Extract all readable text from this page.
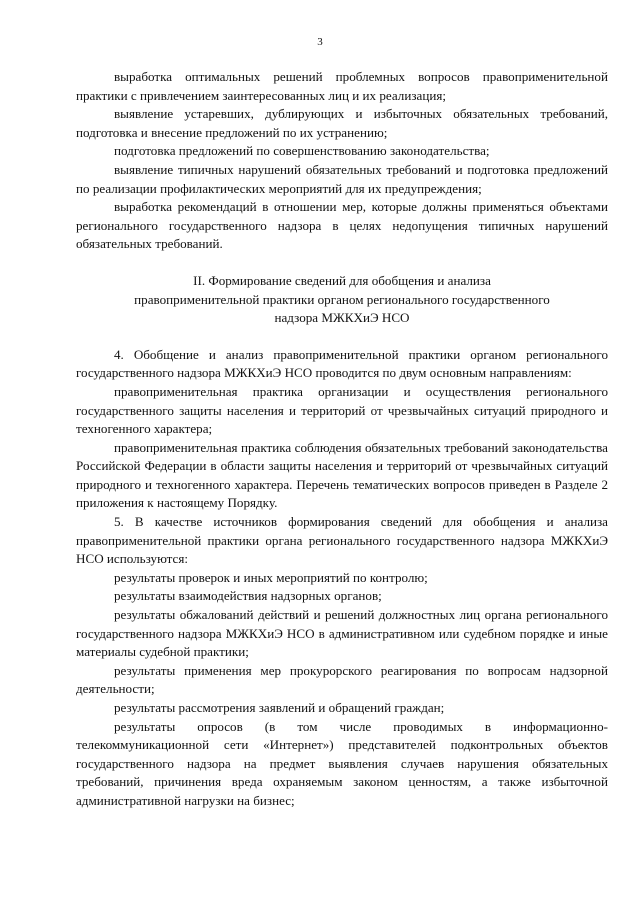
3

выработка оптимальных решений проблемных вопросов правоприменительной практики с привлечением заинтересованных лиц и их реализация;

выявление устаревших, дублирующих и избыточных обязательных требований, подготовка и внесение предложений по их устранению;

подготовка предложений по совершенствованию законодательства;

выявление типичных нарушений обязательных требований и подготовка предложений по реализации профилактических мероприятий для их предупреждения;

выработка рекомендаций в отношении мер, которые должны применяться объектами регионального государственного надзора в целях недопущения типичных нарушений обязательных требований.

II. Формирование сведений для обобщения и анализа

правоприменительной практики органом регионального государственного

надзора МЖКХиЭ НСО

4. Обобщение и анализ правоприменительной практики органом регионального государственного надзора МЖКХиЭ НСО проводится по двум основным направлениям:

правоприменительная практика организации и осуществления регионального государственного защиты населения и территорий от чрезвычайных ситуаций природного и техногенного характера;

правоприменительная практика соблюдения обязательных требований законодательства Российской Федерации в области защиты населения и территорий от чрезвычайных ситуаций природного и техногенного характера. Перечень тематических вопросов приведен в Разделе 2 приложения к настоящему Порядку.

5. В качестве источников формирования сведений для обобщения и анализа правоприменительной практики органа регионального государственного надзора МЖКХиЭ НСО используются:

результаты проверок и иных мероприятий по контролю;

результаты взаимодействия надзорных органов;

результаты обжалований действий и решений должностных лиц органа регионального государственного надзора МЖКХиЭ НСО в административном или судебном порядке и иные материалы судебной практики;

результаты применения мер прокурорского реагирования по вопросам надзорной деятельности;

результаты рассмотрения заявлений и обращений граждан;

результаты опросов (в том числе проводимых в информационно-телекоммуникационной сети «Интернет») представителей подконтрольных объектов государственного надзора на предмет выявления случаев нарушения обязательных требований, причинения вреда охраняемым законом ценностям, а также избыточной административной нагрузки на бизнес;
